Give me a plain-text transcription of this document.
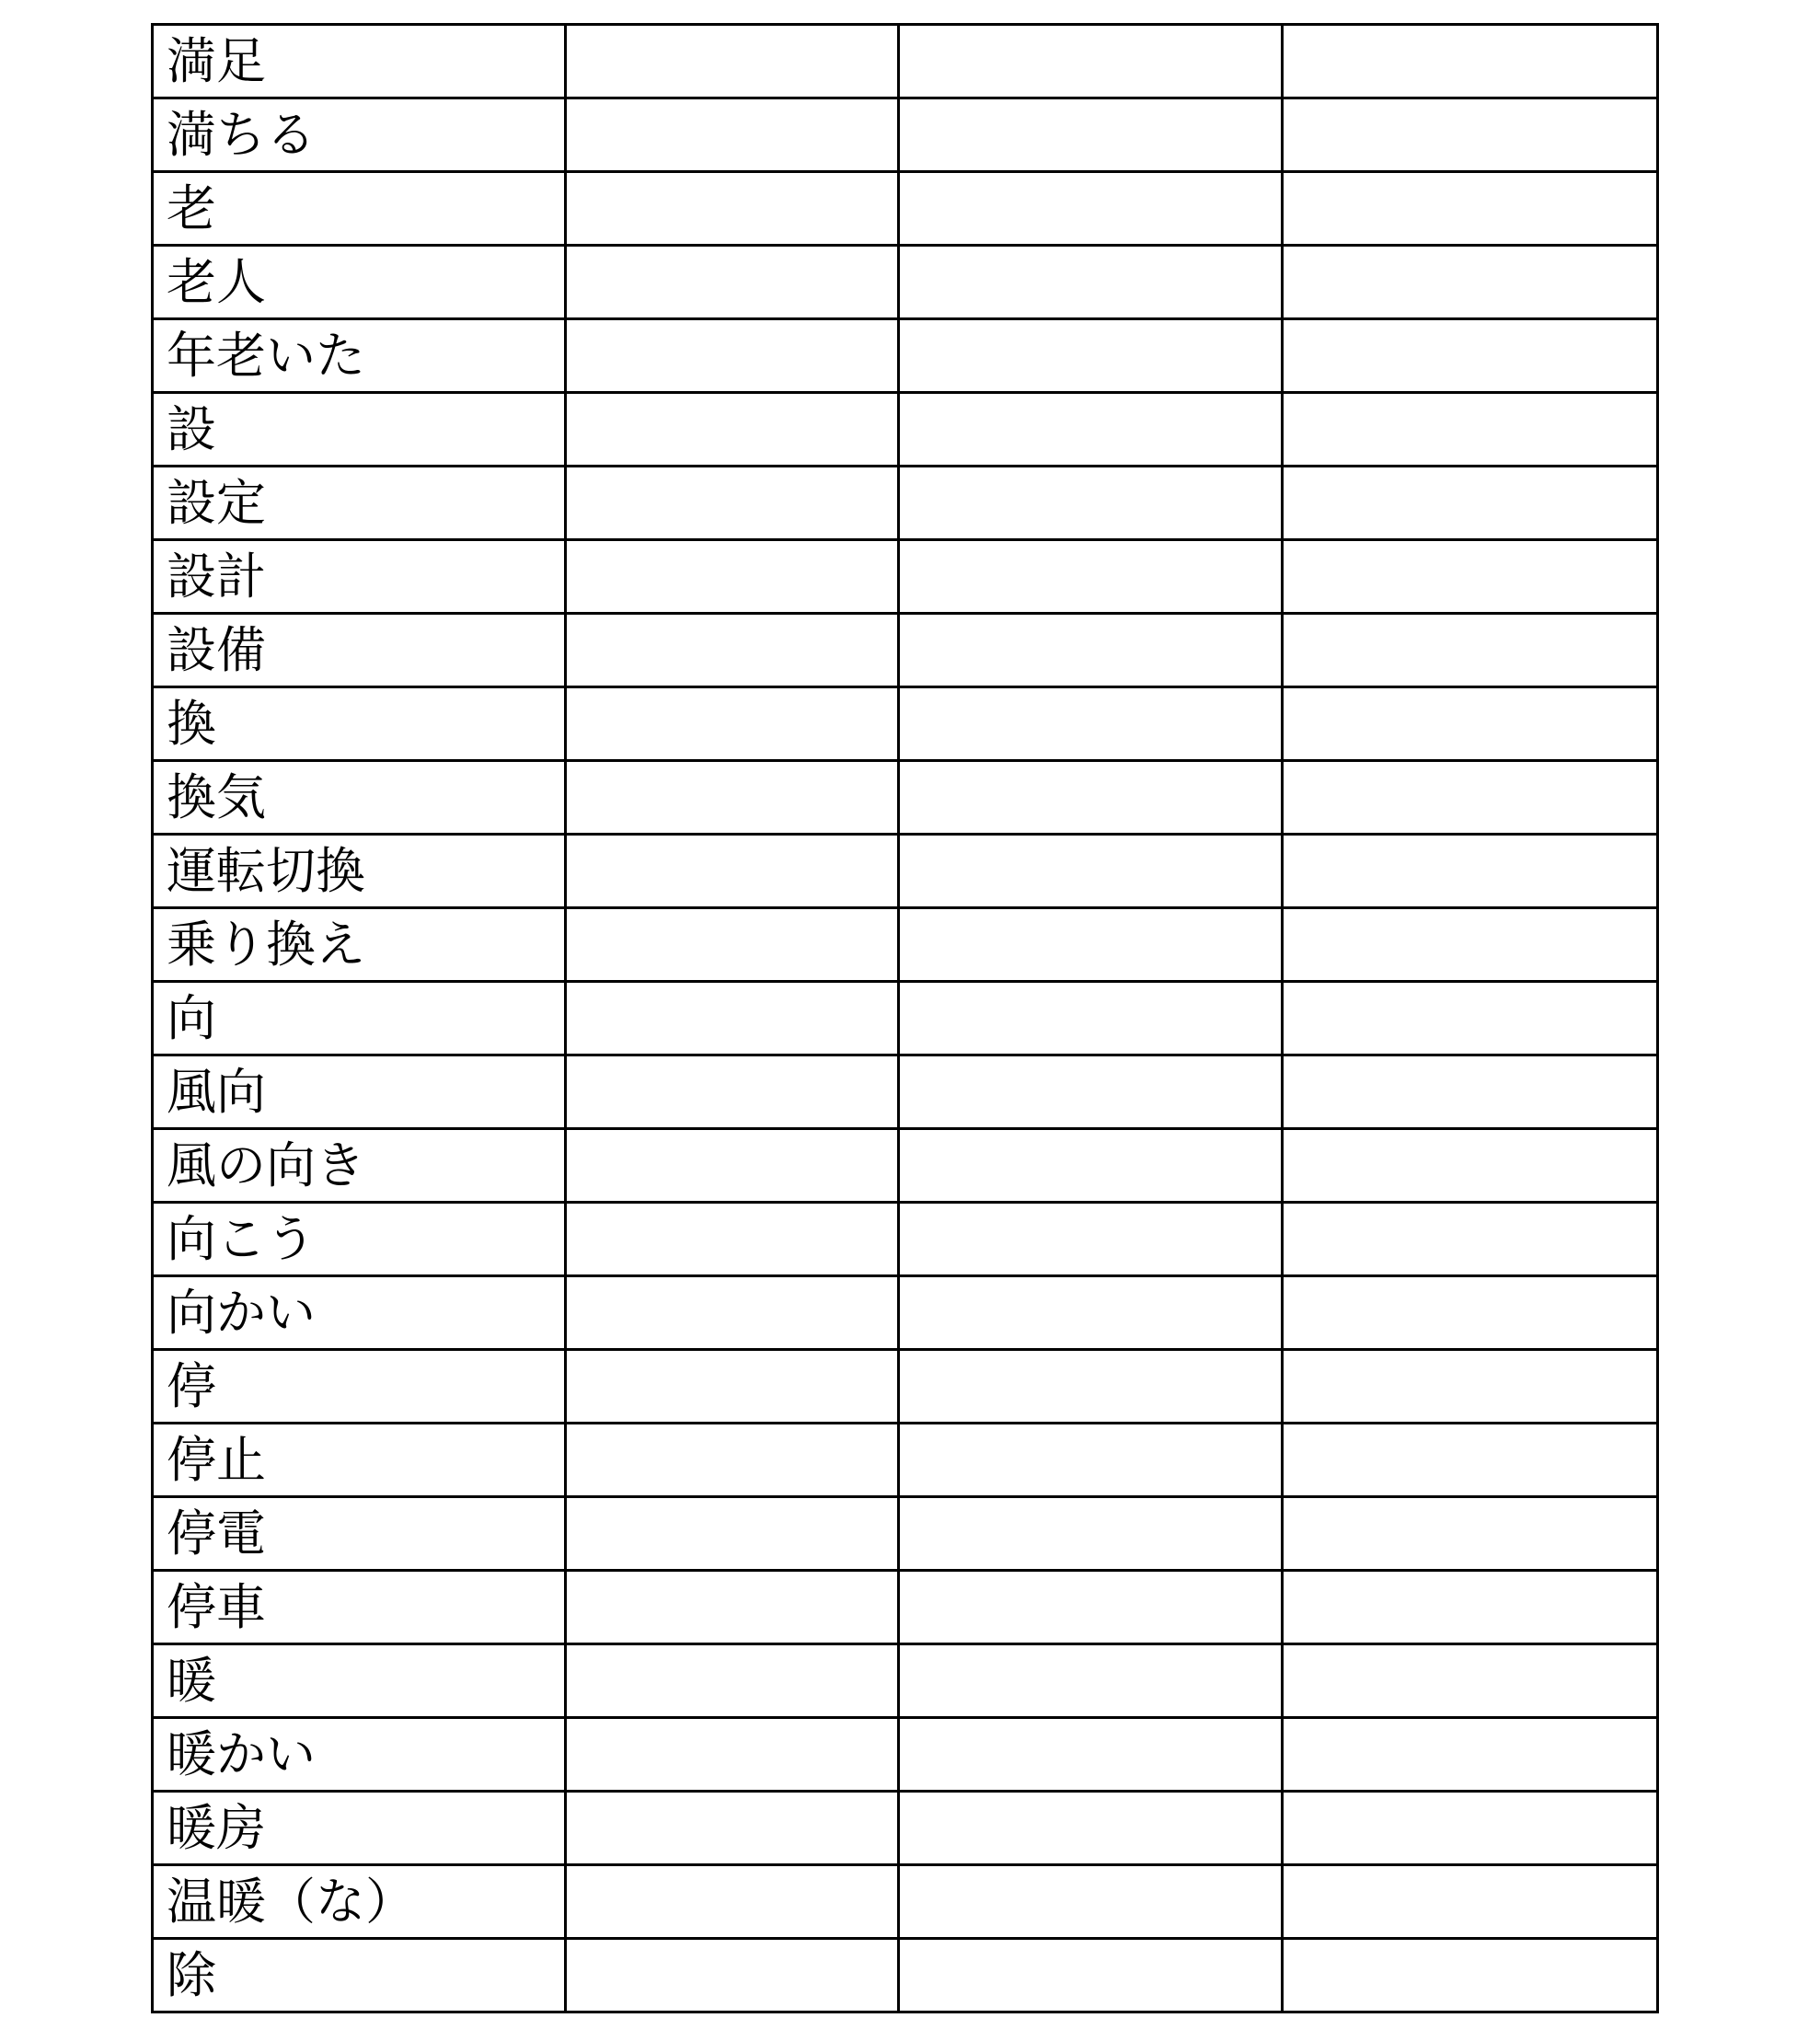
満足			
満ちる			
老			
老人			
年老いた			
設			
設定			
設計			
設備			
換			
換気			
運転切換			
乗り換え			
向			
風向			
風の向き			
向こう			
向かい			
停			
停止			
停電			
停車			
暖			
暖かい			
暖房			
温暖（な）			
除			
